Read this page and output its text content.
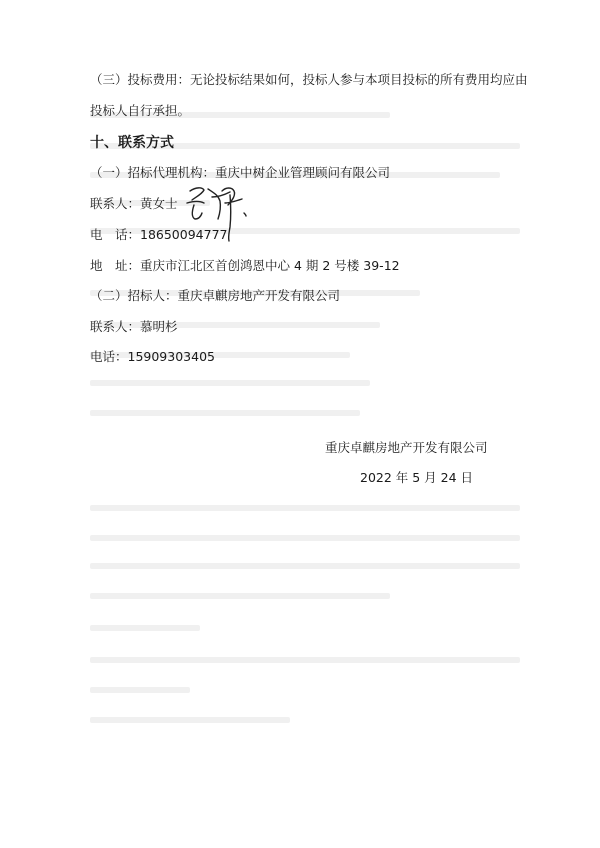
（三）投标费用：无论投标结果如何，投标人参与本项目投标的所有费用均应由
投标人自行承担。
十、联系方式
（一）招标代理机构：重庆中树企业管理顾问有限公司
联系人：黄女士
电　话：18650094777
地　址：重庆市江北区首创鸿恩中心 4 期 2 号楼 39-12
（二）招标人：重庆卓麒房地产开发有限公司
联系人：慕明杉
电话：15909303405
重庆卓麒房地产开发有限公司
2022 年 5 月 24 日
